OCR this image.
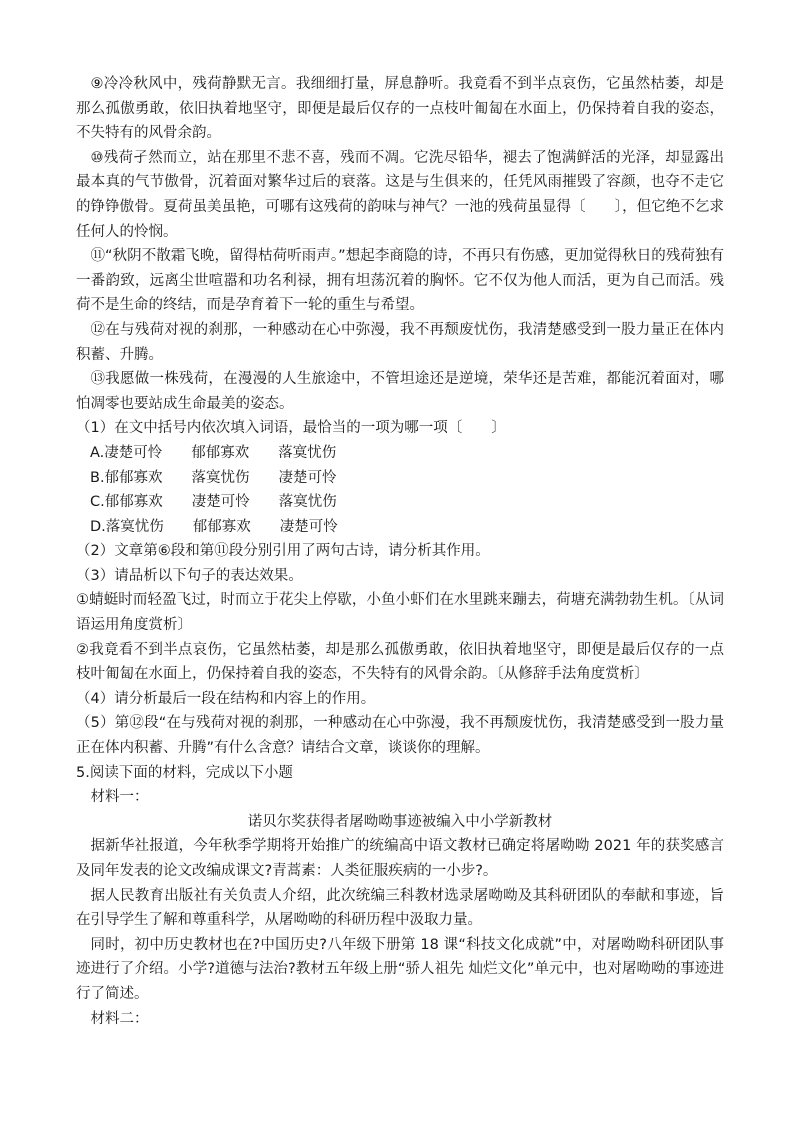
⑨冷冷秋风中，残荷静默无言。我细细打量，屏息静听。我竟看不到半点哀伤，它虽然枯萎，却是那么孤傲勇敢，依旧执着地坚守，即便是最后仅存的一点枝叶匍匐在水面上，仍保持着自我的姿态，不失特有的风骨余韵。

⑩残荷孑然而立，站在那里不悲不喜，残而不凋。它洗尽铅华，褪去了饱满鲜活的光泽，却显露出最本真的气节傲骨，沉着面对繁华过后的衰落。这是与生俱来的，任凭风雨摧毁了容颜，也夺不走它的铮铮傲骨。夏荷虽美虽艳，可哪有这残荷的韵味与神气？一池的残荷虽显得〔　　〕，但它绝不乞求任何人的怜悯。

⑪“秋阴不散霜飞晚，留得枯荷听雨声。”想起李商隐的诗，不再只有伤感，更加觉得秋日的残荷独有一番韵致，远离尘世喧嚣和功名利禄，拥有坦荡沉着的胸怀。它不仅为他人而活，更为自己而活。残荷不是生命的终结，而是孕育着下一轮的重生与希望。

⑫在与残荷对视的刹那，一种感动在心中弥漫，我不再颓废忧伤，我清楚感受到一股力量正在体内积蓄、升腾。

⑬我愿做一株残荷，在漫漫的人生旅途中，不管坦途还是逆境，荣华还是苦难，都能沉着面对，哪怕凋零也要站成生命最美的姿态。

（1）在文中括号内依次填入词语，最恰当的一项为哪一项〔　　〕

A.凄楚可怜　　郁郁寡欢　　落寞忧伤

B.郁郁寡欢　　落寞忧伤　　凄楚可怜

C.郁郁寡欢　　凄楚可怜　　落寞忧伤

D.落寞忧伤　　郁郁寡欢　　凄楚可怜

（2）文章第⑥段和第⑪段分别引用了两句古诗，请分析其作用。

（3）请品析以下句子的表达效果。

①蜻蜓时而轻盈飞过，时而立于花尖上停歇，小鱼小虾们在水里跳来蹦去，荷塘充满勃勃生机。〔从词语运用角度赏析〕

②我竟看不到半点哀伤，它虽然枯萎，却是那么孤傲勇敢，依旧执着地坚守，即便是最后仅存的一点枝叶匍匐在水面上，仍保持着自我的姿态，不失特有的风骨余韵。〔从修辞手法角度赏析〕

（4）请分析最后一段在结构和内容上的作用。

（5）第⑫段“在与残荷对视的刹那，一种感动在心中弥漫，我不再颓废忧伤，我清楚感受到一股力量正在体内积蓄、升腾”有什么含意？请结合文章，谈谈你的理解。

5.阅读下面的材料，完成以下小题

材料一：

诺贝尔奖获得者屠呦呦事迹被编入中小学新教材

据新华社报道，今年秋季学期将开始推广的统编高中语文教材已确定将屠呦呦 2021 年的获奖感言及同年发表的论文改编成课文?青蒿素：人类征服疾病的一小步?。

据人民教育出版社有关负责人介绍，此次统编三科教材选录屠呦呦及其科研团队的奉献和事迹，旨在引导学生了解和尊重科学，从屠呦呦的科研历程中汲取力量。

同时，初中历史教材也在?中国历史?八年级下册第 18 课“科技文化成就”中，对屠呦呦科研团队事迹进行了介绍。小学?道德与法治?教材五年级上册“骄人祖先 灿烂文化”单元中，也对屠呦呦的事迹进行了简述。

材料二：
